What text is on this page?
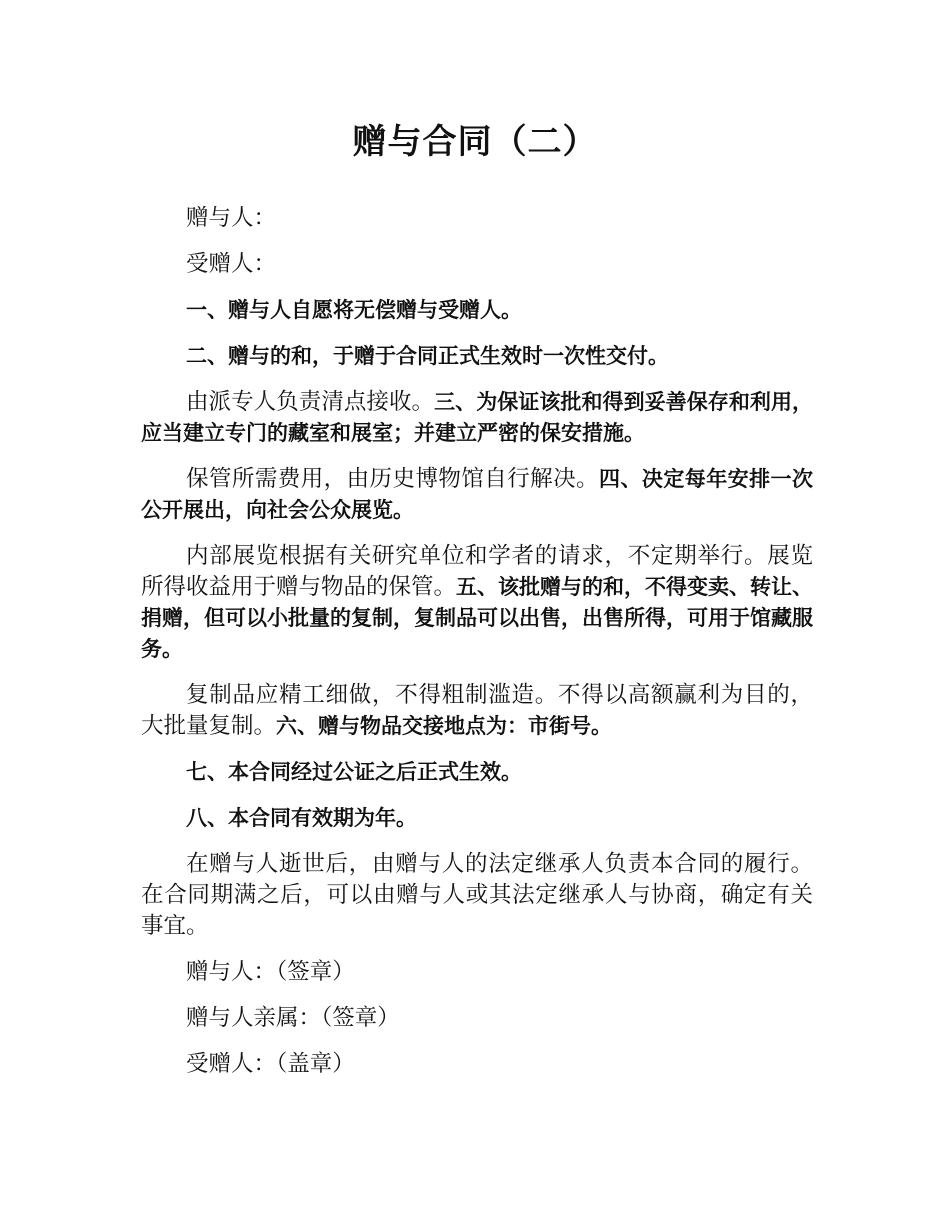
赠与合同（二）

赠与人：

受赠人：

一、赠与人自愿将无偿赠与受赠人。

二、赠与的和，于赠于合同正式生效时一次性交付。

由派专人负责清点接收。三、为保证该批和得到妥善保存和利用，应当建立专门的藏室和展室；并建立严密的保安措施。

保管所需费用，由历史博物馆自行解决。四、决定每年安排一次公开展出，向社会公众展览。

内部展览根据有关研究单位和学者的请求，不定期举行。展览所得收益用于赠与物品的保管。五、该批赠与的和，不得变卖、转让、捐赠，但可以小批量的复制，复制品可以出售，出售所得，可用于馆藏服务。

复制品应精工细做，不得粗制滥造。不得以高额赢利为目的，大批量复制。六、赠与物品交接地点为：市街号。

七、本合同经过公证之后正式生效。

八、本合同有效期为年。

在赠与人逝世后，由赠与人的法定继承人负责本合同的履行。在合同期满之后，可以由赠与人或其法定继承人与协商，确定有关事宜。

赠与人：（签章）

赠与人亲属：（签章）

受赠人：（盖章）
